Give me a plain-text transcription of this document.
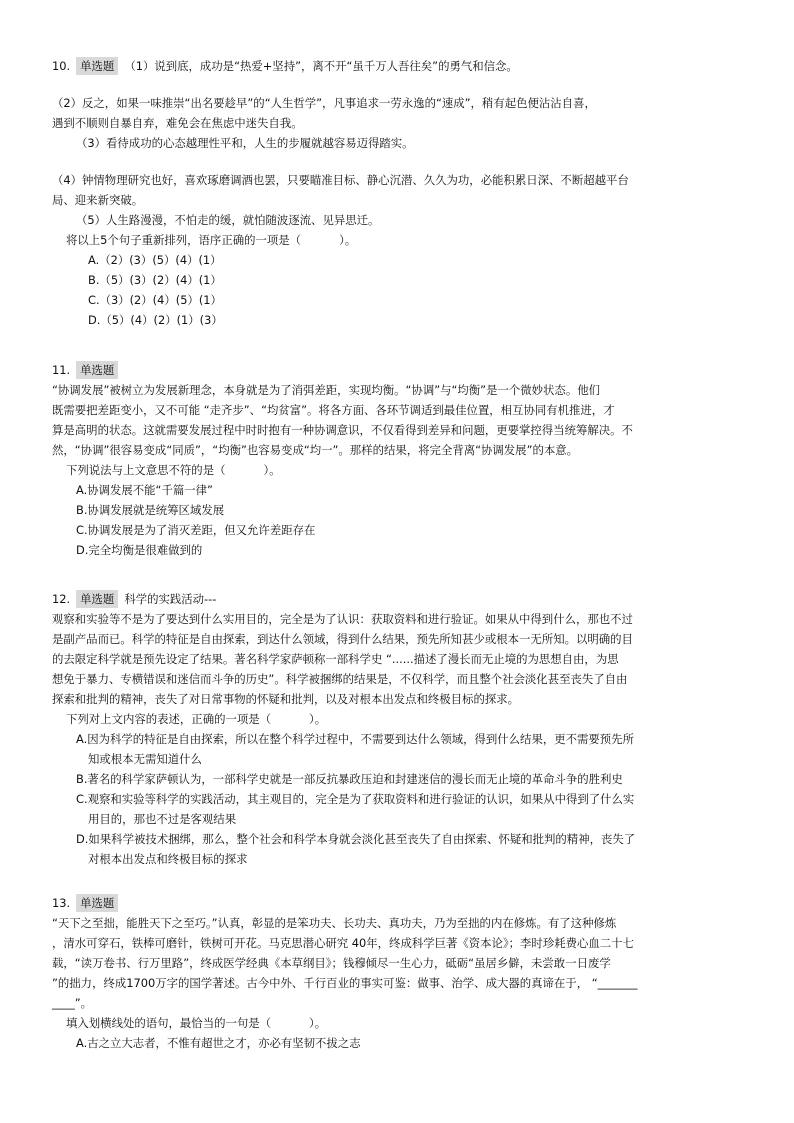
10. 单选题 （1）说到底，成功是“热爱+坚持”，离不开“虽千万人吾往矣”的勇气和信念。
（2）反之，如果一味推崇“出名要趁早”的“人生哲学”，凡事追求一劳永逸的“速成”，稍有起色便沾沾自喜，
遇到不顺则自暴自弃，难免会在焦虑中迷失自我。
（3）看待成功的心态越理性平和，人生的步履就越容易迈得踏实。
（4）钟情物理研究也好，喜欢琢磨调酒也罢，只要瞄准目标、静心沉潜、久久为功，必能积累日深、不断超越平台
局、迎来新突破。
（5）人生路漫漫，不怕走的缓，就怕随波逐流、见异思迁。
将以上5个句子重新排列，语序正确的一项是（	）。
A.（2）(3）(5）(4）(1）
B.（5）(3）(2）(4）(1）
C.（3）(2）(4）(5）(1）
D.（5）(4）(2）(1）(3）
11. 单选题
“协调发展”被树立为发展新理念，本身就是为了消弭差距，实现均衡。“协调”与“均衡”是一个微妙状态。他们
既需要把差距变小，又不可能 “走齐步”、“均贫富”。将各方面、各环节调适到最佳位置，相互协同有机推进，才
算是高明的状态。这就需要发展过程中时时抱有一种协调意识，不仅看得到差异和问题，更要掌控得当统筹解决。不
然，“协调”很容易变成“同质”，“均衡”也容易变成“均一”。那样的结果，将完全背离“协调发展”的本意。
下列说法与上文意思不符的是（	）。
A.协调发展不能“千篇一律”
B.协调发展就是统筹区域发展
C.协调发展是为了消灭差距，但又允许差距存在
D.完全均衡是很难做到的
12. 单选题 科学的实践活动---
观察和实验等不是为了要达到什么实用目的，完全是为了认识：获取资料和进行验证。如果从中得到什么，那也不过
是副产品而已。科学的特征是自由探索，到达什么领域，得到什么结果，预先所知甚少或根本一无所知。以明确的目
的去限定科学就是预先设定了结果。著名科学家萨顿称一部科学史 “......描述了漫长而无止境的为思想自由，为思
想免于暴力、专横错误和迷信而斗争的历史”。科学被捆绑的结果是，不仅科学，而且整个社会淡化甚至丧失了自由
探索和批判的精神，丧失了对日常事物的怀疑和批判，以及对根本出发点和终极目标的探求。
下列对上文内容的表述，正确的一项是（	）。
A.因为科学的特征是自由探索，所以在整个科学过程中，不需要到达什么领域，得到什么结果，更不需要预先所
知或根本无需知道什么
B.著名的科学家萨顿认为，一部科学史就是一部反抗暴政压迫和封建迷信的漫长而无止境的革命斗争的胜利史
C.观察和实验等科学的实践活动，其主观目的，完全是为了获取资料和进行验证的认识，如果从中得到了什么实
用目的，那也不过是客观结果
D.如果科学被技术捆绑，那么，整个社会和科学本身就会淡化甚至丧失了自由探索、怀疑和批判的精神，丧失了
对根本出发点和终极目标的探求
13. 单选题
“天下之至拙，能胜天下之至巧。”认真，彰显的是笨功夫、长功夫、真功夫，乃为至拙的内在修炼。有了这种修炼
，清水可穿石，铁棒可磨针，铁树可开花。马克思潜心研究 40年，终成科学巨著《资本论》；李时珍耗费心血二十七
载，“读万卷书、行万里路”，终成医学经典《本草纲目》；钱穆倾尽一生心力，砥砺“虽居乡僻，未尝敢一日废学
”的拙力，终成1700万字的国学著述。古今中外、千行百业的事实可鉴：做事、治学、成大器的真谛在于， “_______
____”。
填入划横线处的语句，最恰当的一句是（	）。
A.古之立大志者，不惟有超世之才，亦必有坚韧不拔之志
